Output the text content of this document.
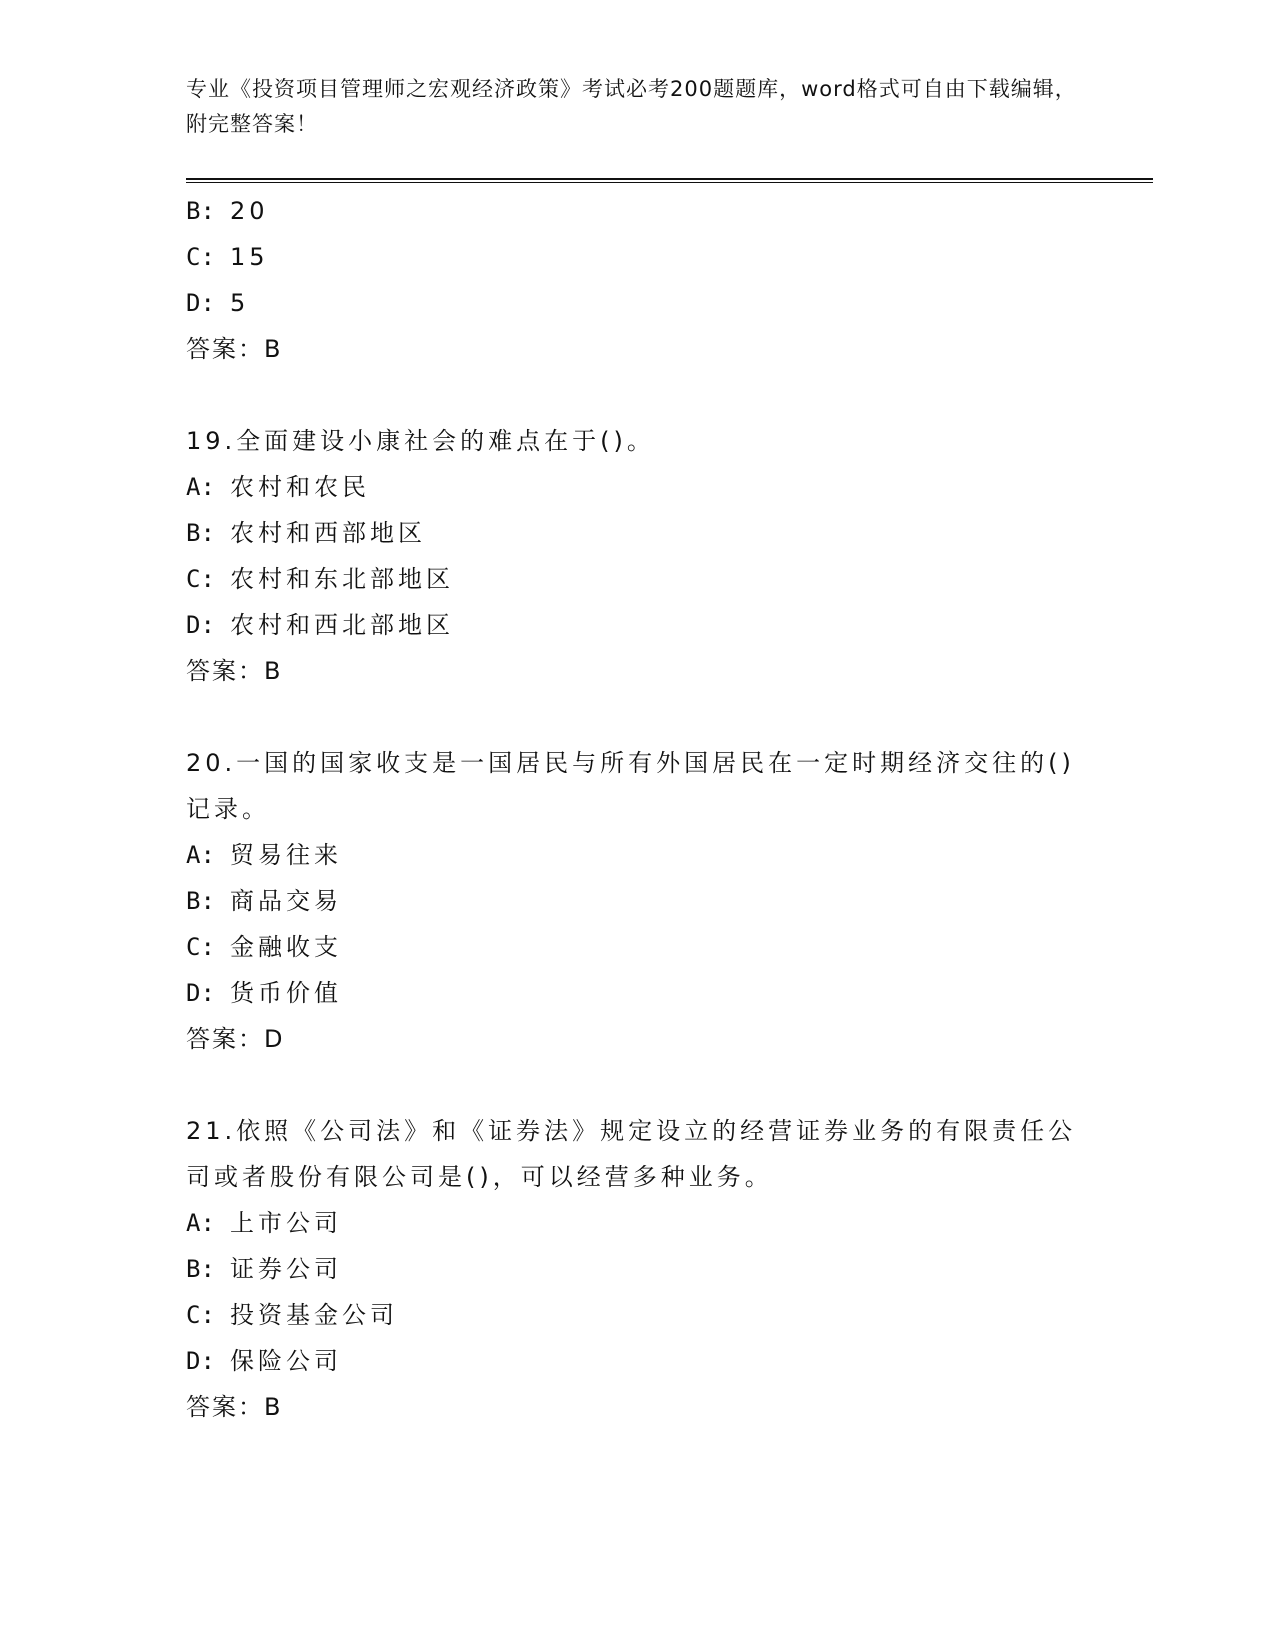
专业《投资项目管理师之宏观经济政策》考试必考200题题库，word格式可自由下载编辑，附完整答案！
B: 20
C: 15
D: 5
答案：B
19.全面建设小康社会的难点在于()。
A: 农村和农民
B: 农村和西部地区
C: 农村和东北部地区
D: 农村和西北部地区
答案：B
20.一国的国家收支是一国居民与所有外国居民在一定时期经济交往的()记录。
A: 贸易往来
B: 商品交易
C: 金融收支
D: 货币价值
答案：D
21.依照《公司法》和《证券法》规定设立的经营证券业务的有限责任公司或者股份有限公司是()，可以经营多种业务。
A: 上市公司
B: 证券公司
C: 投资基金公司
D: 保险公司
答案：B
